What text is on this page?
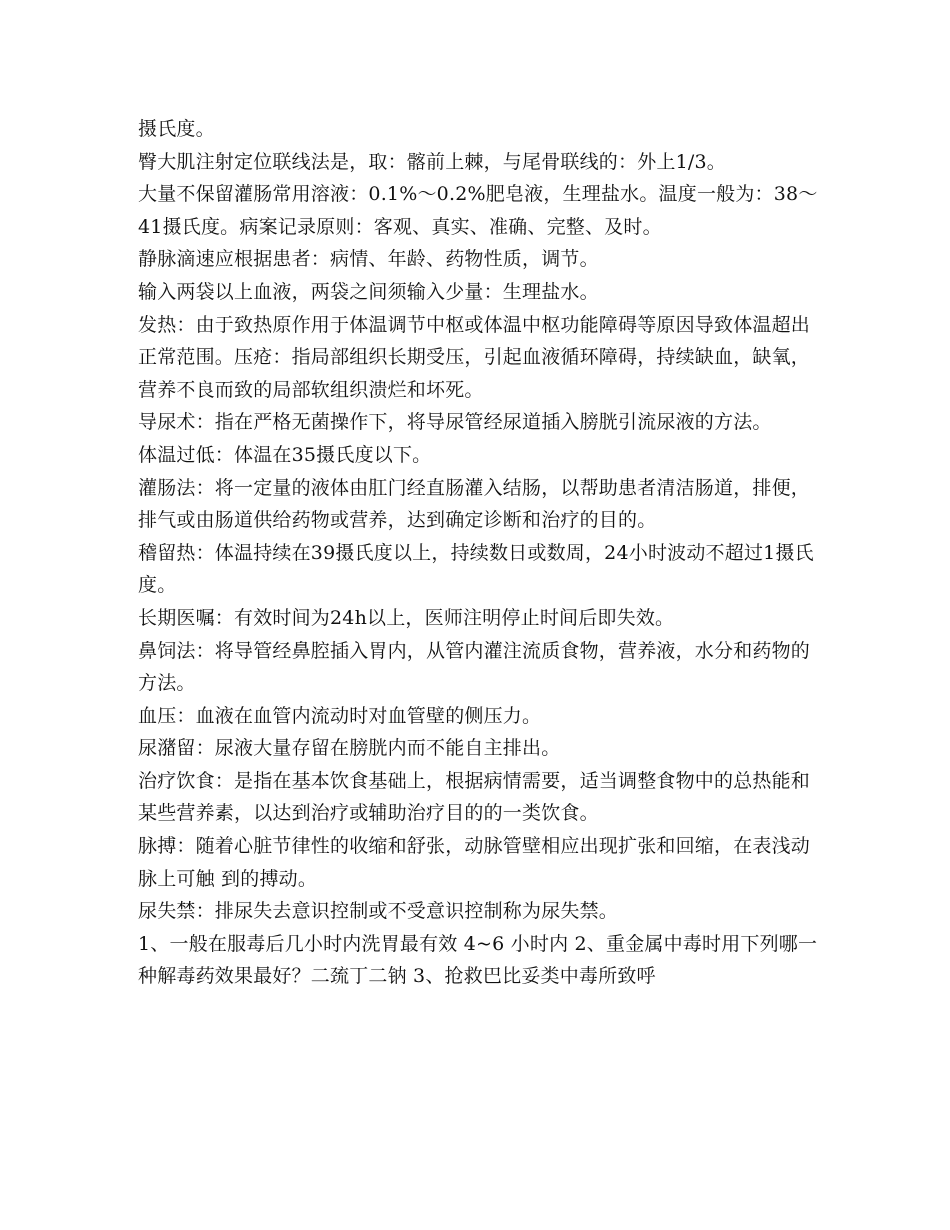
摄氏度。

臀大肌注射定位联线法是，取：髂前上棘，与尾骨联线的：外上1/3。

大量不保留灌肠常用溶液：0.1%～0.2%肥皂液，生理盐水。温度一般为：38～41摄氏度。病案记录原则：客观、真实、准确、完整、及时。

静脉滴速应根据患者：病情、年龄、药物性质，调节。

输入两袋以上血液，两袋之间须输入少量：生理盐水。

发热：由于致热原作用于体温调节中枢或体温中枢功能障碍等原因导致体温超出正常范围。压疮：指局部组织长期受压，引起血液循环障碍，持续缺血，缺氧，营养不良而致的局部软组织溃烂和坏死。

导尿术：指在严格无菌操作下，将导尿管经尿道插入膀胱引流尿液的方法。

体温过低：体温在35摄氏度以下。

灌肠法：将一定量的液体由肛门经直肠灌入结肠，以帮助患者清洁肠道，排便，排气或由肠道供给药物或营养，达到确定诊断和治疗的目的。

稽留热：体温持续在39摄氏度以上，持续数日或数周，24小时波动不超过1摄氏度。

长期医嘱：有效时间为24h以上，医师注明停止时间后即失效。

鼻饲法：将导管经鼻腔插入胃内，从管内灌注流质食物，营养液，水分和药物的方法。

血压：血液在血管内流动时对血管壁的侧压力。

尿潴留：尿液大量存留在膀胱内而不能自主排出。

治疗饮食：是指在基本饮食基础上，根据病情需要，适当调整食物中的总热能和某些营养素，以达到治疗或辅助治疗目的的一类饮食。

脉搏：随着心脏节律性的收缩和舒张，动脉管壁相应出现扩张和回缩，在表浅动脉上可触 到的搏动。

尿失禁：排尿失去意识控制或不受意识控制称为尿失禁。

1、一般在服毒后几小时内洗胃最有效 4~6 小时内 2、重金属中毒时用下列哪一种解毒药效果最好？二巯丁二钠 3、抢救巴比妥类中毒所致呼
